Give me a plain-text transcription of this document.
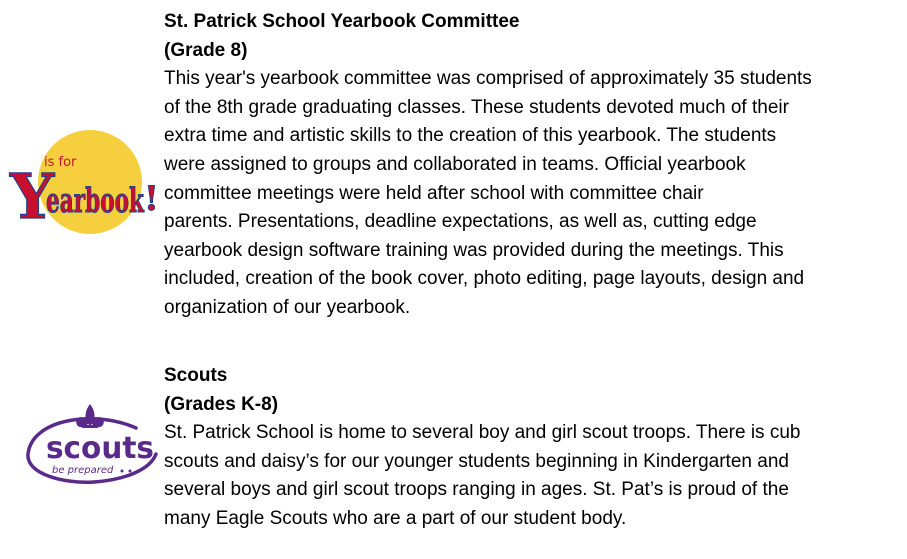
is for
Y
earbook !
St. Patrick School Yearbook Committee
(Grade 8)
This year's yearbook committee was comprised of approximately 35 students
of the 8th grade graduating classes. These students devoted much of their
extra time and artistic skills to the creation of this yearbook. The students
were assigned to groups and collaborated in teams. Official yearbook
committee meetings were held after school with committee chair
parents. Presentations, deadline expectations, as well as, cutting edge
yearbook design software training was provided during the meetings. This
included, creation of the book cover, photo editing, page layouts, design and
organization of our yearbook.
scouts
be prepared
Scouts
(Grades K-8)
St. Patrick School is home to several boy and girl scout troops. There is cub
scouts and daisy’s for our younger students beginning in Kindergarten and
several boys and girl scout troops ranging in ages. St. Pat’s is proud of the
many Eagle Scouts who are a part of our student body.
